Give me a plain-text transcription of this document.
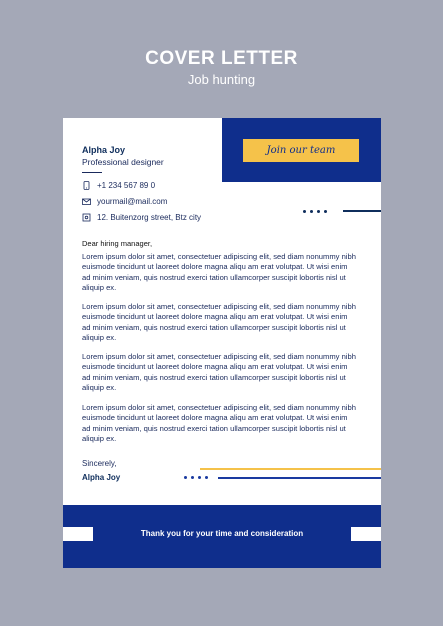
COVER LETTER
Job hunting
Join our team
Alpha Joy
Professional designer
+1 234 567 89 0
yourmail@mail.com
12. Buitenzorg street, Btz city
Dear hiring manager,
Lorem ipsum dolor sit amet, consectetuer adipiscing elit, sed diam nonummy nibh euismode tincidunt ut laoreet dolore magna aliqu am erat volutpat. Ut wisi enim ad minim veniam, quis nostrud exerci tation ullamcorper suscipit lobortis nisl ut aliquip ex.
Lorem ipsum dolor sit amet, consectetuer adipiscing elit, sed diam nonummy nibh euismode tincidunt ut laoreet dolore magna aliqu am erat volutpat. Ut wisi enim ad minim veniam, quis nostrud exerci tation ullamcorper suscipit lobortis nisl ut aliquip ex.
Lorem ipsum dolor sit amet, consectetuer adipiscing elit, sed diam nonummy nibh euismode tincidunt ut laoreet dolore magna aliqu am erat volutpat. Ut wisi enim ad minim veniam, quis nostrud exerci tation ullamcorper suscipit lobortis nisl ut aliquip ex.
Lorem ipsum dolor sit amet, consectetuer adipiscing elit, sed diam nonummy nibh euismode tincidunt ut laoreet dolore magna aliqu am erat volutpat. Ut wisi enim ad minim veniam, quis nostrud exerci tation ullamcorper suscipit lobortis nisl ut aliquip ex.
Sincerely,
Alpha Joy
Thank you for your time and consideration
